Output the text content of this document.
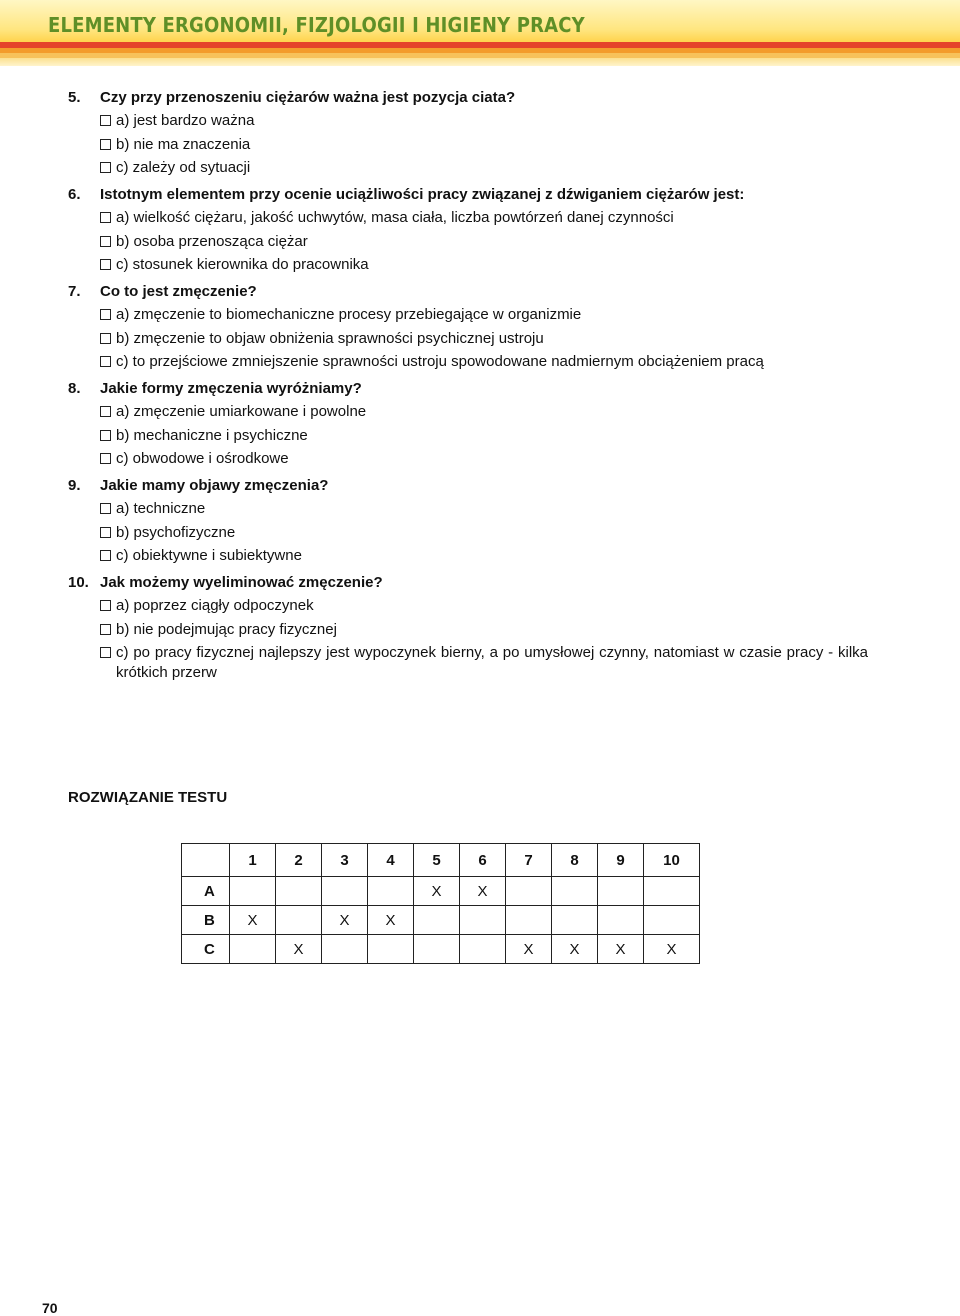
ELEMENTY ERGONOMII, FIZJOLOGII I HIGIENY PRACY
5.	Czy przy przenoszeniu ciężarów ważna jest pozycja ciata?
a) jest bardzo ważna
b) nie ma znaczenia
c) zależy od sytuacji
6.	Istotnym elementem przy ocenie uciążliwości pracy związanej z dźwiganiem ciężarów jest:
a) wielkość ciężaru, jakość uchwytów, masa ciała, liczba powtórzeń danej czynności
b) osoba przenosząca ciężar
c) stosunek kierownika do pracownika
7.	Co to jest zmęczenie?
a) zmęczenie to biomechaniczne procesy przebiegające w organizmie
b) zmęczenie to objaw obniżenia sprawności psychicznej ustroju
c) to przejściowe zmniejszenie sprawności ustroju spowodowane nadmiernym obciążeniem pracą
8.	Jakie formy zmęczenia wyróżniamy?
a) zmęczenie umiarkowane i powolne
b) mechaniczne i psychiczne
c) obwodowe i ośrodkowe
9.	Jakie mamy objawy zmęczenia?
a) techniczne
b) psychofizyczne
c) obiektywne i subiektywne
10. Jak możemy wyeliminować zmęczenie?
a) poprzez ciągły odpoczynek
b) nie podejmując pracy fizycznej
c) po pracy fizycznej najlepszy jest wypoczynek bierny, a po umysłowej czynny, natomiast w czasie pracy - kilka krótkich przerw
ROZWIĄZANIE TESTU
	1	2	3	4	5	6	7	8	9	10
A					X	X				
B	X		X	X						
C		X					X	X	X	X

70
